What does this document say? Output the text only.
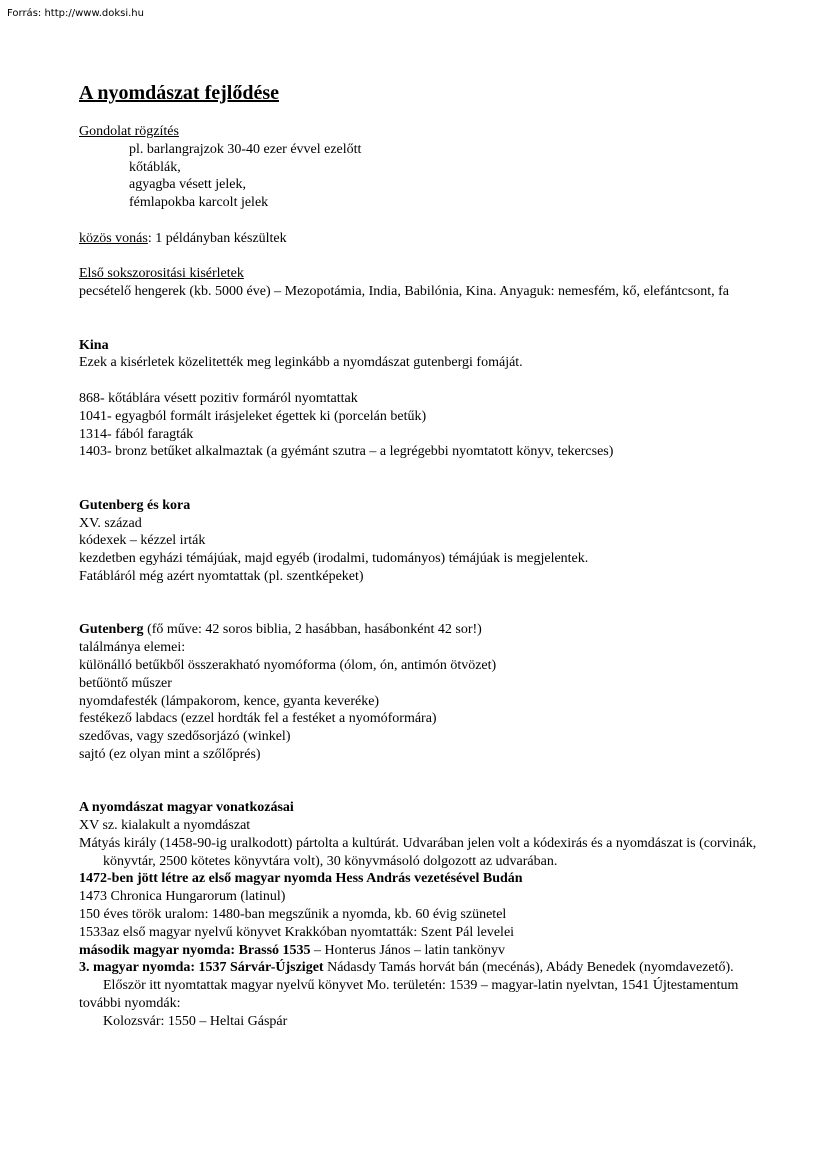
Forrás: http://www.doksi.hu
A nyomdászat fejlődése

Gondolat rögzítés

pl. barlangrajzok 30-40 ezer évvel ezelőtt

kőtáblák,

agyagba vésett jelek,

fémlapokba karcolt jelek

közös vonás: 1 példányban készültek

Első sokszorositási kisérletek

pecsételő hengerek (kb. 5000 éve) – Mezopotámia, India, Babilónia, Kina. Anyaguk: nemesfém, kő, elefántcsont, fa

Kina

Ezek a kisérletek közelitették meg leginkább a nyomdászat gutenbergi fomáját.

868- kőtáblára vésett pozitiv formáról nyomtattak

1041- egyagból formált irásjeleket égettek ki (porcelán betűk)

1314- fából faragták

1403- bronz betűket alkalmaztak (a gyémánt szutra – a legrégebbi nyomtatott könyv, tekercses)

Gutenberg és kora

XV. század

kódexek – kézzel irták

kezdetben egyházi témájúak, majd egyéb (irodalmi, tudományos) témájúak is megjelentek.

Fatábláról még azért nyomtattak (pl. szentképeket)

Gutenberg (fő műve: 42 soros biblia, 2 hasábban, hasábonként 42 sor!)

találmánya elemei:

különálló betűkből összerakható nyomóforma (ólom, ón, antimón ötvözet)

betűöntő műszer

nyomdafesték (lámpakorom, kence, gyanta keveréke)

festékező labdacs (ezzel hordták fel a festéket a nyomóformára)

szedővas, vagy szedősorjázó (winkel)

sajtó (ez olyan mint a szőlőprés)

A nyomdászat magyar vonatkozásai

XV sz. kialakult a nyomdászat

Mátyás király (1458-90-ig uralkodott) pártolta a kultúrát. Udvarában jelen volt a kódexirás és a nyomdászat is (corvinák, könyvtár, 2500 kötetes könyvtára volt), 30 könyvmásoló dolgozott az udvarában.

1472-ben jött létre az első magyar nyomda Hess András vezetésével Budán

1473 Chronica Hungarorum (latinul)

150 éves török uralom: 1480-ban megszűnik a nyomda, kb. 60 évig szünetel

1533az első magyar nyelvű könyvet Krakkóban nyomtatták: Szent Pál levelei

második magyar nyomda: Brassó 1535 – Honterus János – latin tankönyv

3. magyar nyomda: 1537 Sárvár-Újsziget Nádasdy Tamás horvát bán (mecénás), Abády Benedek (nyomdavezető). Először itt nyomtattak magyar nyelvű könyvet Mo. területén: 1539 – magyar-latin nyelvtan, 1541 Újtestamentum

további nyomdák:

Kolozsvár: 1550 – Heltai Gáspár
